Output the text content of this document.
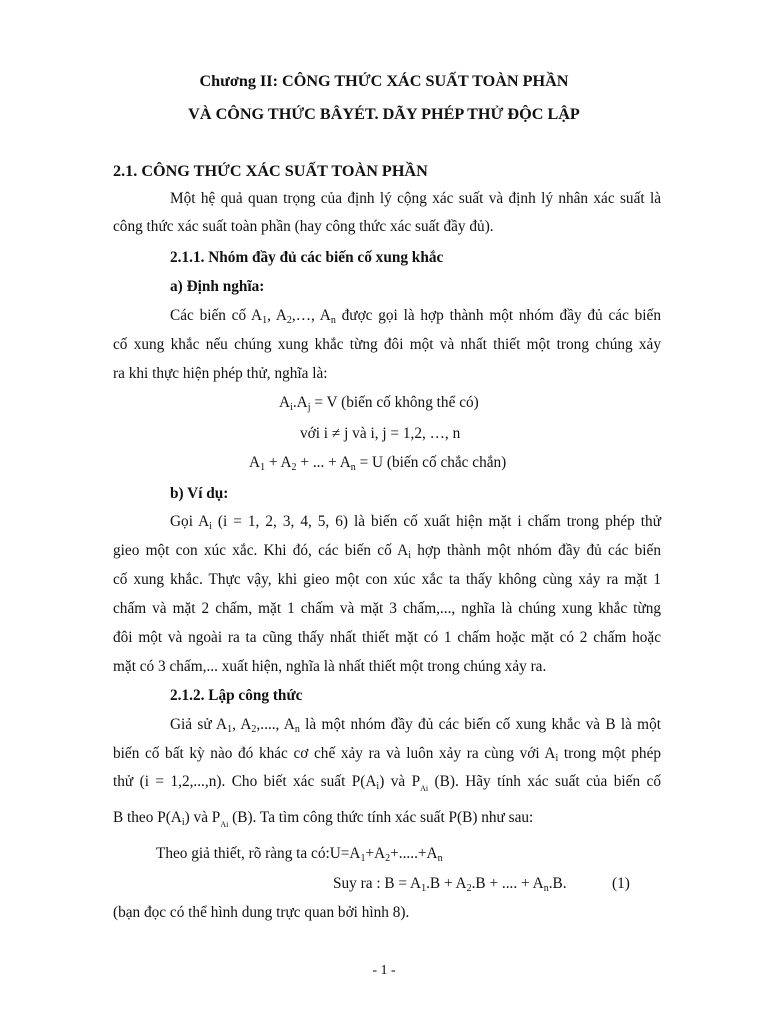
Chương II: CÔNG THỨC XÁC SUẤT TOÀN PHẦN

VÀ CÔNG THỨC BÂYÉT. DÃY PHÉP THỬ ĐỘC LẬP

2.1. CÔNG THỨC XÁC SUẤT TOÀN PHẦN

Một hệ quả quan trọng của định lý cộng xác suất và định lý nhân xác suất là

công thức xác suất toàn phần (hay công thức xác suất đầy đủ).

2.1.1. Nhóm đầy đủ các biến cố xung khắc

a) Định nghĩa:

Các biến cố $A_1$, $A_2,\dots$, $A_n$ được gọi là hợp thành một nhóm đầy đủ các biến

cố xung khắc nếu chúng xung khắc từng đôi một và nhất thiết một trong chúng xảy

ra khi thực hiện phép thử, nghĩa là:

$A_i.A_j = V$ (biến cố không thể có)

với i ≠ j và i, j = 1,2, …, n

$A_1 + A_2$ + ... + $A_n = U$ (biến cố chắc chắn)

b) Ví dụ:

Gọi $A_i$ (i = 1, 2, 3, 4, 5, 6) là biến cố xuất hiện mặt i chấm trong phép thử

gieo một con xúc xắc. Khi đó, các biến cố $A_i$ hợp thành một nhóm đầy đủ các biến

cố xung khắc. Thực vậy, khi gieo một con xúc xắc ta thấy không cùng xảy ra mặt 1

chấm và mặt 2 chấm, mặt 1 chấm và mặt 3 chấm,..., nghĩa là chúng xung khắc từng

đôi một và ngoài ra ta cũng thấy nhất thiết mặt có 1 chấm hoặc mặt có 2 chấm hoặc

mặt có 3 chấm,... xuất hiện, nghĩa là nhất thiết một trong chúng xảy ra.

2.1.2. Lập công thức

Giả sử $A_1$, $A_2$,...., $A_n$ là một nhóm đầy đủ các biến cố xung khắc và B là một

biến cố bất kỳ nào đó khác cơ chế xảy ra và luôn xảy ra cùng với $A_i$ trong một phép

thử (i = 1,2,...,n). Cho biết xác suất $P(A_i)$ và $P_{Ai}$ (B). Hãy tính xác suất của biến cố

B theo $P(A_i)$ và $P_{Ai}$ (B). Ta tìm công thức tính xác suất P(B) như sau:

Theo giả thiết, rõ ràng ta $có:U=A_1+A_2+.....+A_n$

Suy ra : $B = A_1.B + A_2.B$ + .... + $A_n.B$.	(1)

(bạn đọc có thể hình dung trực quan bởi hình 8).

- 1 -
